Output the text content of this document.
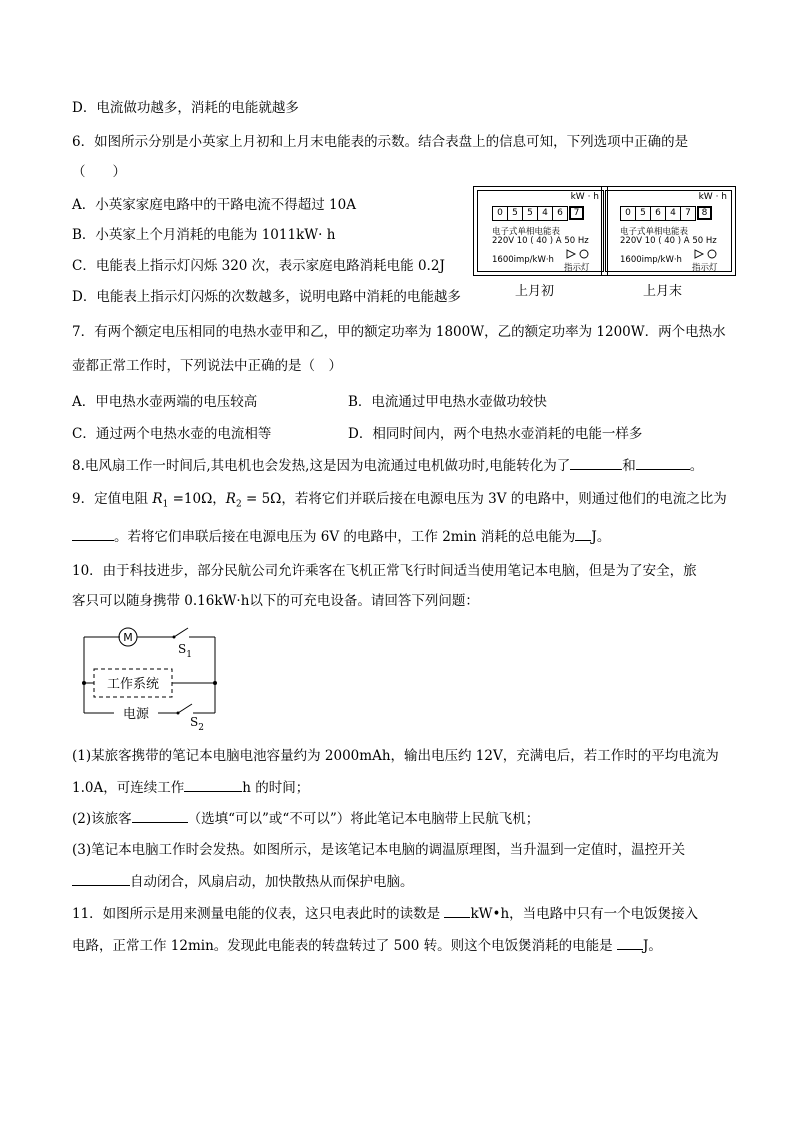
D．电流做功越多，消耗的电能就越多
6．如图所示分别是小英家上月初和上月末电能表的示数。结合表盘上的信息可知，下列选项中正确的是
（　　）
A．小英家家庭电路中的干路电流不得超过 10A
B．小英家上个月消耗的电能为 1011kW· h
C．电能表上指示灯闪烁 320 次，表示家庭电路消耗电能 0.2J
D．电能表上指示灯闪烁的次数越多，说明电路中消耗的电能越多
kW · h
0	5	5	4	6	7
电子式单相电能表
220V 10 ( 40 ) A 50 Hz
1600imp/kW·h
指示灯
上月初
kW · h
0	5	6	4	7	8
电子式单相电能表
220V 10 ( 40 ) A 50 Hz
1600imp/kW·h
指示灯
上月末
7．有两个额定电压相同的电热水壶甲和乙，甲的额定功率为 1800W，乙的额定功率为 1200W．两个电热水
壶都正常工作时，下列说法中正确的是（　）
A．甲电热水壶两端的电压较高	B．电流通过甲电热水壶做功较快
C．通过两个电热水壶的电流相等	D．相同时间内，两个电热水壶消耗的电能一样多
8.电风扇工作一时间后,其电机也会发热,这是因为电流通过电机做功时,电能转化为了	和	。
9．定值电阻 $R_1 =10\Omega$，$R_2 = 5\Omega$，若将它们并联后接在电源电压为 3V 的电路中，则通过他们的电流之比为
。若将它们串联后接在电源电压为 6V 的电路中，工作 2min 消耗的总电能为 J。
10．由于科技进步，部分民航公司允许乘客在飞机正常飞行时间适当使用笔记本电脑，但是为了安全，旅
客只可以随身携带 0.16kW·h以下的可充电设备。请回答下列问题：
M
$S_1$
工作系统
电源	$S_2$
(1)某旅客携带的笔记本电脑电池容量约为 2000mAh，输出电压约 12V，充满电后，若工作时的平均电流为
1.0A，可连续工作	h 的时间；
(2)该旅客	（选填“可以”或“不可以”）将此笔记本电脑带上民航飞机；
(3)笔记本电脑工作时会发热。如图所示，是该笔记本电脑的调温原理图，当升温到一定值时，温控开关
自动闭合，风扇启动，加快散热从而保护电脑。
11．如图所示是用来测量电能的仪表，这只电表此时的读数是 kW•h，当电路中只有一个电饭煲接入
电路，正常工作 12min。发现此电能表的转盘转过了 500 转。则这个电饭煲消耗的电能是 J。
